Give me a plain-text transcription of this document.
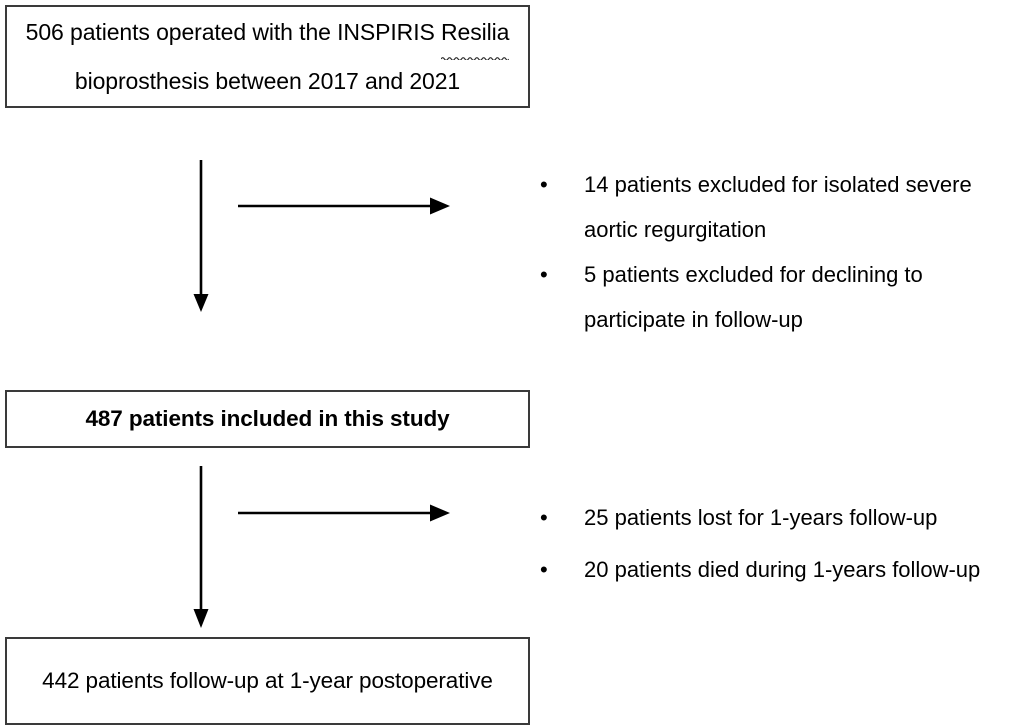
506 patients operated with the INSPIRIS Resilia
bioprosthesis between 2017 and 2021
• 14 patients excluded for isolated severe aortic regurgitation
• 5 patients excluded for declining to participate in follow-up
487 patients included in this study
• 25 patients lost for 1-years follow-up
• 20 patients died during 1-years follow-up
442 patients follow-up at 1-year postoperative
